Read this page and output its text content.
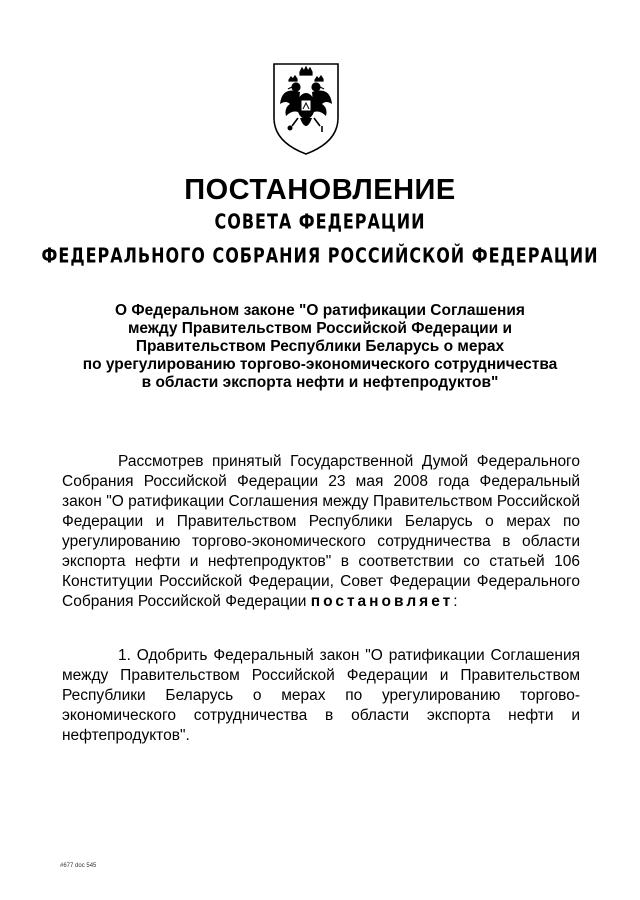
ПОСТАНОВЛЕНИЕ
СОВЕТА ФЕДЕРАЦИИ
ФЕДЕРАЛЬНОГО СОБРАНИЯ РОССИЙСКОЙ ФЕДЕРАЦИИ
О Федеральном законе "О ратификации Соглашения
между Правительством Российской Федерации и
Правительством Республики Беларусь о мерах
по урегулированию торгово-экономического сотрудничества
в области экспорта нефти и нефтепродуктов"
Рассмотрев принятый Государственной Думой Федерального Собрания Российской Федерации 23 мая 2008 года Федеральный закон "О ратификации Соглашения между Правительством Российской Федерации и Правительством Республики Беларусь о мерах по урегулированию торгово-экономического сотрудничества в области экспорта нефти и нефтепродуктов" в соответствии со статьей 106 Конституции Российской Федерации, Совет Федерации Федерального Собрания Российской Федерации постановляет:
1. Одобрить Федеральный закон "О ратификации Соглашения между Правительством Российской Федерации и Правительством Республики Беларусь о мерах по урегулированию торгово-экономического сотрудничества в области экспорта нефти и нефтепродуктов".
#677 doc 545
